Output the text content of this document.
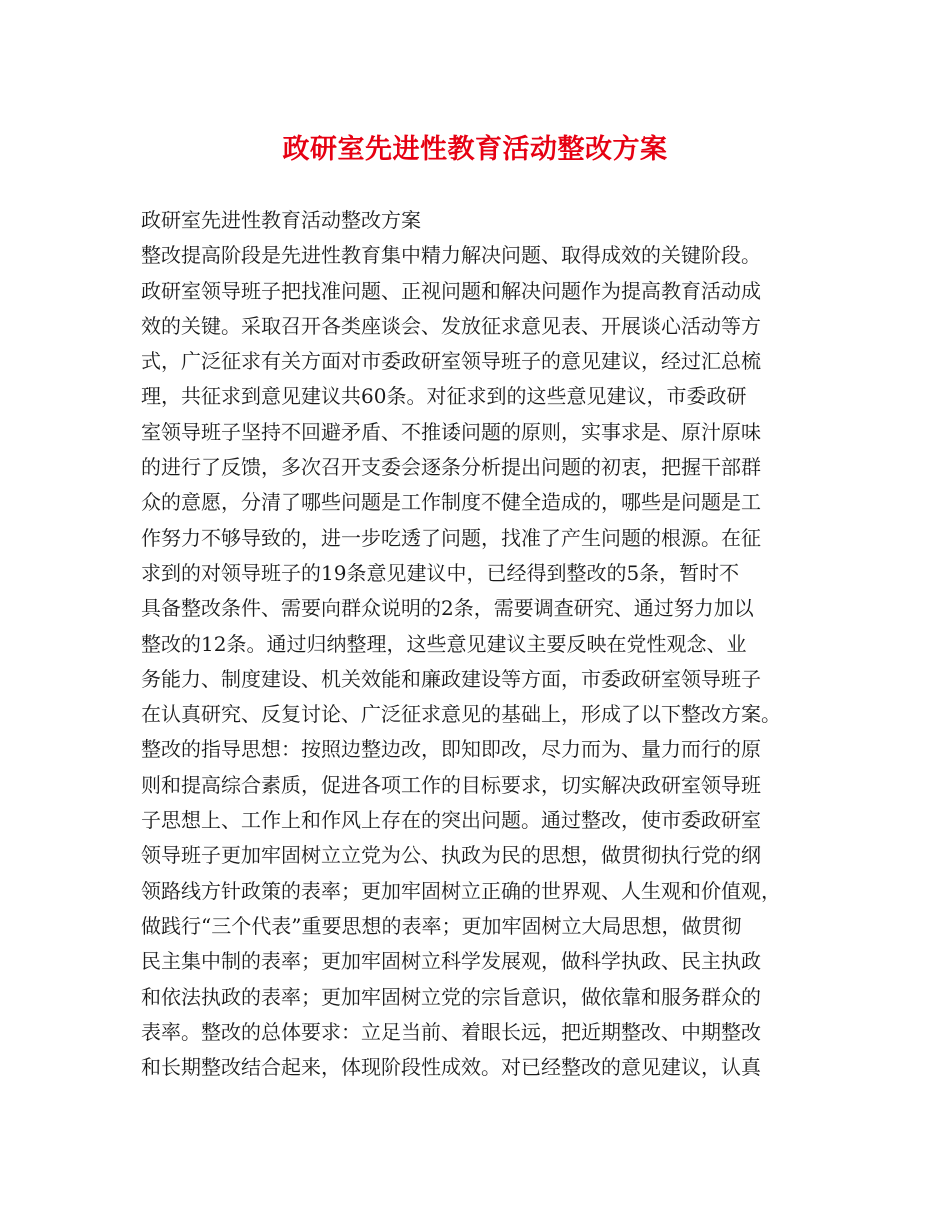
政研室先进性教育活动整改方案
政研室先进性教育活动整改方案
整改提高阶段是先进性教育集中精力解决问题、取得成效的关键阶段。
政研室领导班子把找准问题、正视问题和解决问题作为提高教育活动成
效的关键。采取召开各类座谈会、发放征求意见表、开展谈心活动等方
式，广泛征求有关方面对市委政研室领导班子的意见建议，经过汇总梳
理，共征求到意见建议共60条。对征求到的这些意见建议，市委政研
室领导班子坚持不回避矛盾、不推诿问题的原则，实事求是、原汁原味
的进行了反馈，多次召开支委会逐条分析提出问题的初衷，把握干部群
众的意愿，分清了哪些问题是工作制度不健全造成的，哪些是问题是工
作努力不够导致的，进一步吃透了问题，找准了产生问题的根源。在征
求到的对领导班子的19条意见建议中，已经得到整改的5条，暂时不
具备整改条件、需要向群众说明的2条，需要调查研究、通过努力加以
整改的12条。通过归纳整理，这些意见建议主要反映在党性观念、业
务能力、制度建设、机关效能和廉政建设等方面，市委政研室领导班子
在认真研究、反复讨论、广泛征求意见的基础上，形成了以下整改方案。
整改的指导思想：按照边整边改，即知即改，尽力而为、量力而行的原
则和提高综合素质，促进各项工作的目标要求，切实解决政研室领导班
子思想上、工作上和作风上存在的突出问题。通过整改，使市委政研室
领导班子更加牢固树立立党为公、执政为民的思想，做贯彻执行党的纲
领路线方针政策的表率；更加牢固树立正确的世界观、人生观和价值观，
做践行“三个代表”重要思想的表率；更加牢固树立大局思想，做贯彻
民主集中制的表率；更加牢固树立科学发展观，做科学执政、民主执政
和依法执政的表率；更加牢固树立党的宗旨意识，做依靠和服务群众的
表率。整改的总体要求：立足当前、着眼长远，把近期整改、中期整改
和长期整改结合起来，体现阶段性成效。对已经整改的意见建议，认真
